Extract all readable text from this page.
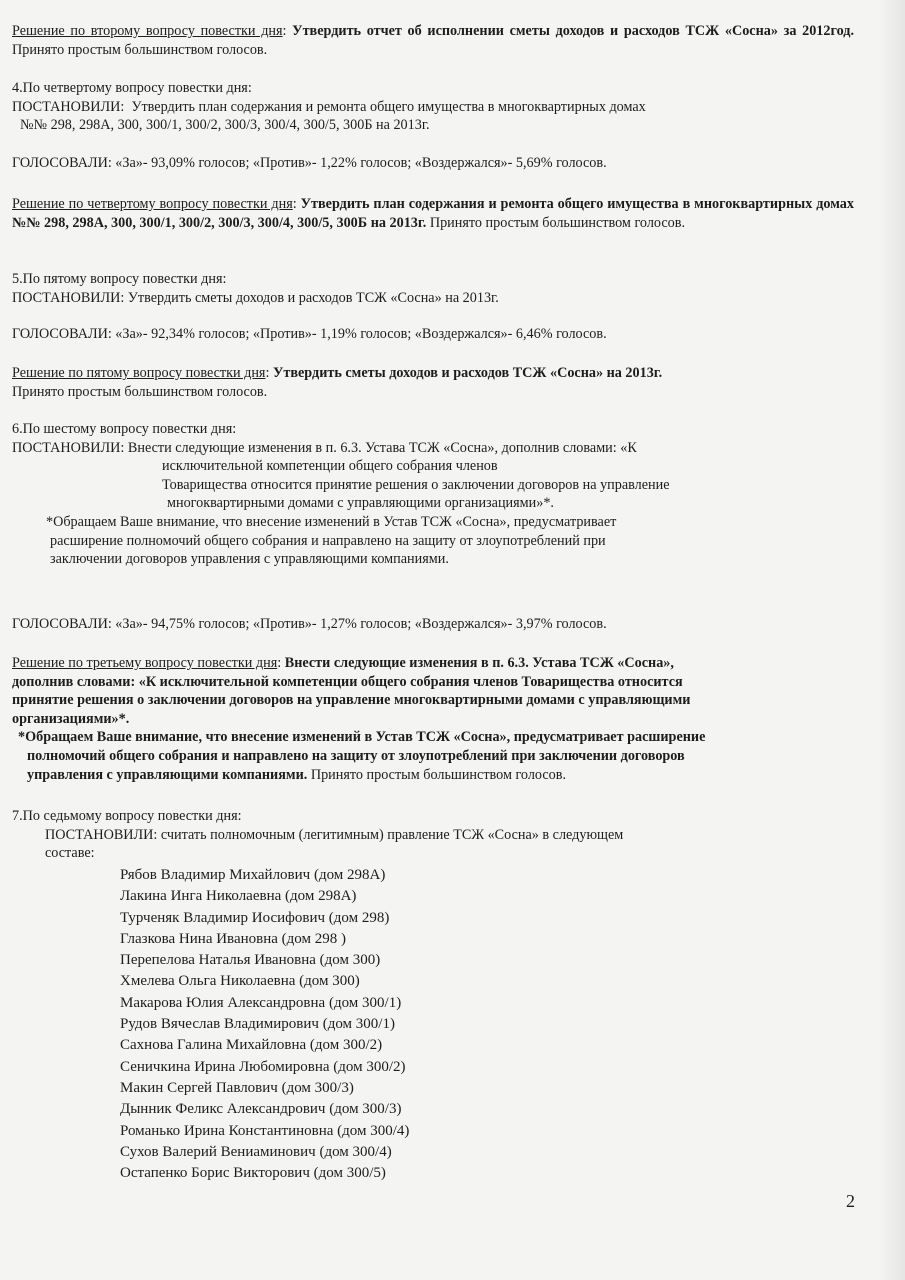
Решение по второму вопросу повестки дня: Утвердить отчет об исполнении сметы доходов и расходов ТСЖ «Сосна» за 2012год. Принято простым большинством голосов.

4.По четвертому вопросу повестки дня:

ПОСТАНОВИЛИ: Утвердить план содержания и ремонта общего имущества в многоквартирных домах

№№ 298, 298А, 300, 300/1, 300/2, 300/3, 300/4, 300/5, 300Б на 2013г.

ГОЛОСОВАЛИ: «За»- 93,09% голосов; «Против»- 1,22% голосов; «Воздержался»- 5,69% голосов.

Решение по четвертому вопросу повестки дня: Утвердить план содержания и ремонта общего имущества в многоквартирных домах №№ 298, 298А, 300, 300/1, 300/2, 300/3, 300/4, 300/5, 300Б на 2013г. Принято простым большинством голосов.

5.По пятому вопросу повестки дня:

ПОСТАНОВИЛИ: Утвердить сметы доходов и расходов ТСЖ «Сосна» на 2013г.

ГОЛОСОВАЛИ: «За»- 92,34% голосов; «Против»- 1,19% голосов; «Воздержался»- 6,46% голосов.

Решение по пятому вопросу повестки дня: Утвердить сметы доходов и расходов ТСЖ «Сосна» на 2013г.

Принято простым большинством голосов.

6.По шестому вопросу повестки дня:

ПОСТАНОВИЛИ: Внести следующие изменения в п. 6.3. Устава ТСЖ «Сосна», дополнив словами: «К

исключительной компетенции общего собрания членов

Товарищества относится принятие решения о заключении договоров на управление

многоквартирными домами с управляющими организациями»*.

*Обращаем Ваше внимание, что внесение изменений в Устав ТСЖ «Сосна», предусматривает

расширение полномочий общего собрания и направлено на защиту от злоупотреблений при

заключении договоров управления с управляющими компаниями.

ГОЛОСОВАЛИ: «За»- 94,75% голосов; «Против»- 1,27% голосов; «Воздержался»- 3,97% голосов.

Решение по третьему вопросу повестки дня: Внести следующие изменения в п. 6.3. Устава ТСЖ «Сосна»,

дополнив словами: «К исключительной компетенции общего собрания членов Товарищества относится

принятие решения о заключении договоров на управление многоквартирными домами с управляющими

организациями»*.

*Обращаем Ваше внимание, что внесение изменений в Устав ТСЖ «Сосна», предусматривает расширение

полномочий общего собрания и направлено на защиту от злоупотреблений при заключении договоров

управления с управляющими компаниями. Принято простым большинством голосов.

7.По седьмому вопросу повестки дня:

ПОСТАНОВИЛИ: считать полномочным (легитимным) правление ТСЖ «Сосна» в следующем

составе:

Рябов Владимир Михайлович (дом 298А)
Лакина Инга Николаевна (дом 298А)
Турченяк Владимир Иосифович (дом 298)
Глазкова Нина Ивановна (дом 298 )
Перепелова Наталья Ивановна (дом 300)
Хмелева Ольга Николаевна (дом 300)
Макарова Юлия Александровна (дом 300/1)
Рудов Вячеслав Владимирович (дом 300/1)
Сахнова Галина Михайловна (дом 300/2)
Сеничкина Ирина Любомировна (дом 300/2)
Макин Сергей Павлович (дом 300/3)
Дынник Феликс Александрович (дом 300/3)
Романько Ирина Константиновна (дом 300/4)
Сухов Валерий Вениаминович (дом 300/4)
Остапенко Борис Викторович (дом 300/5)
2
